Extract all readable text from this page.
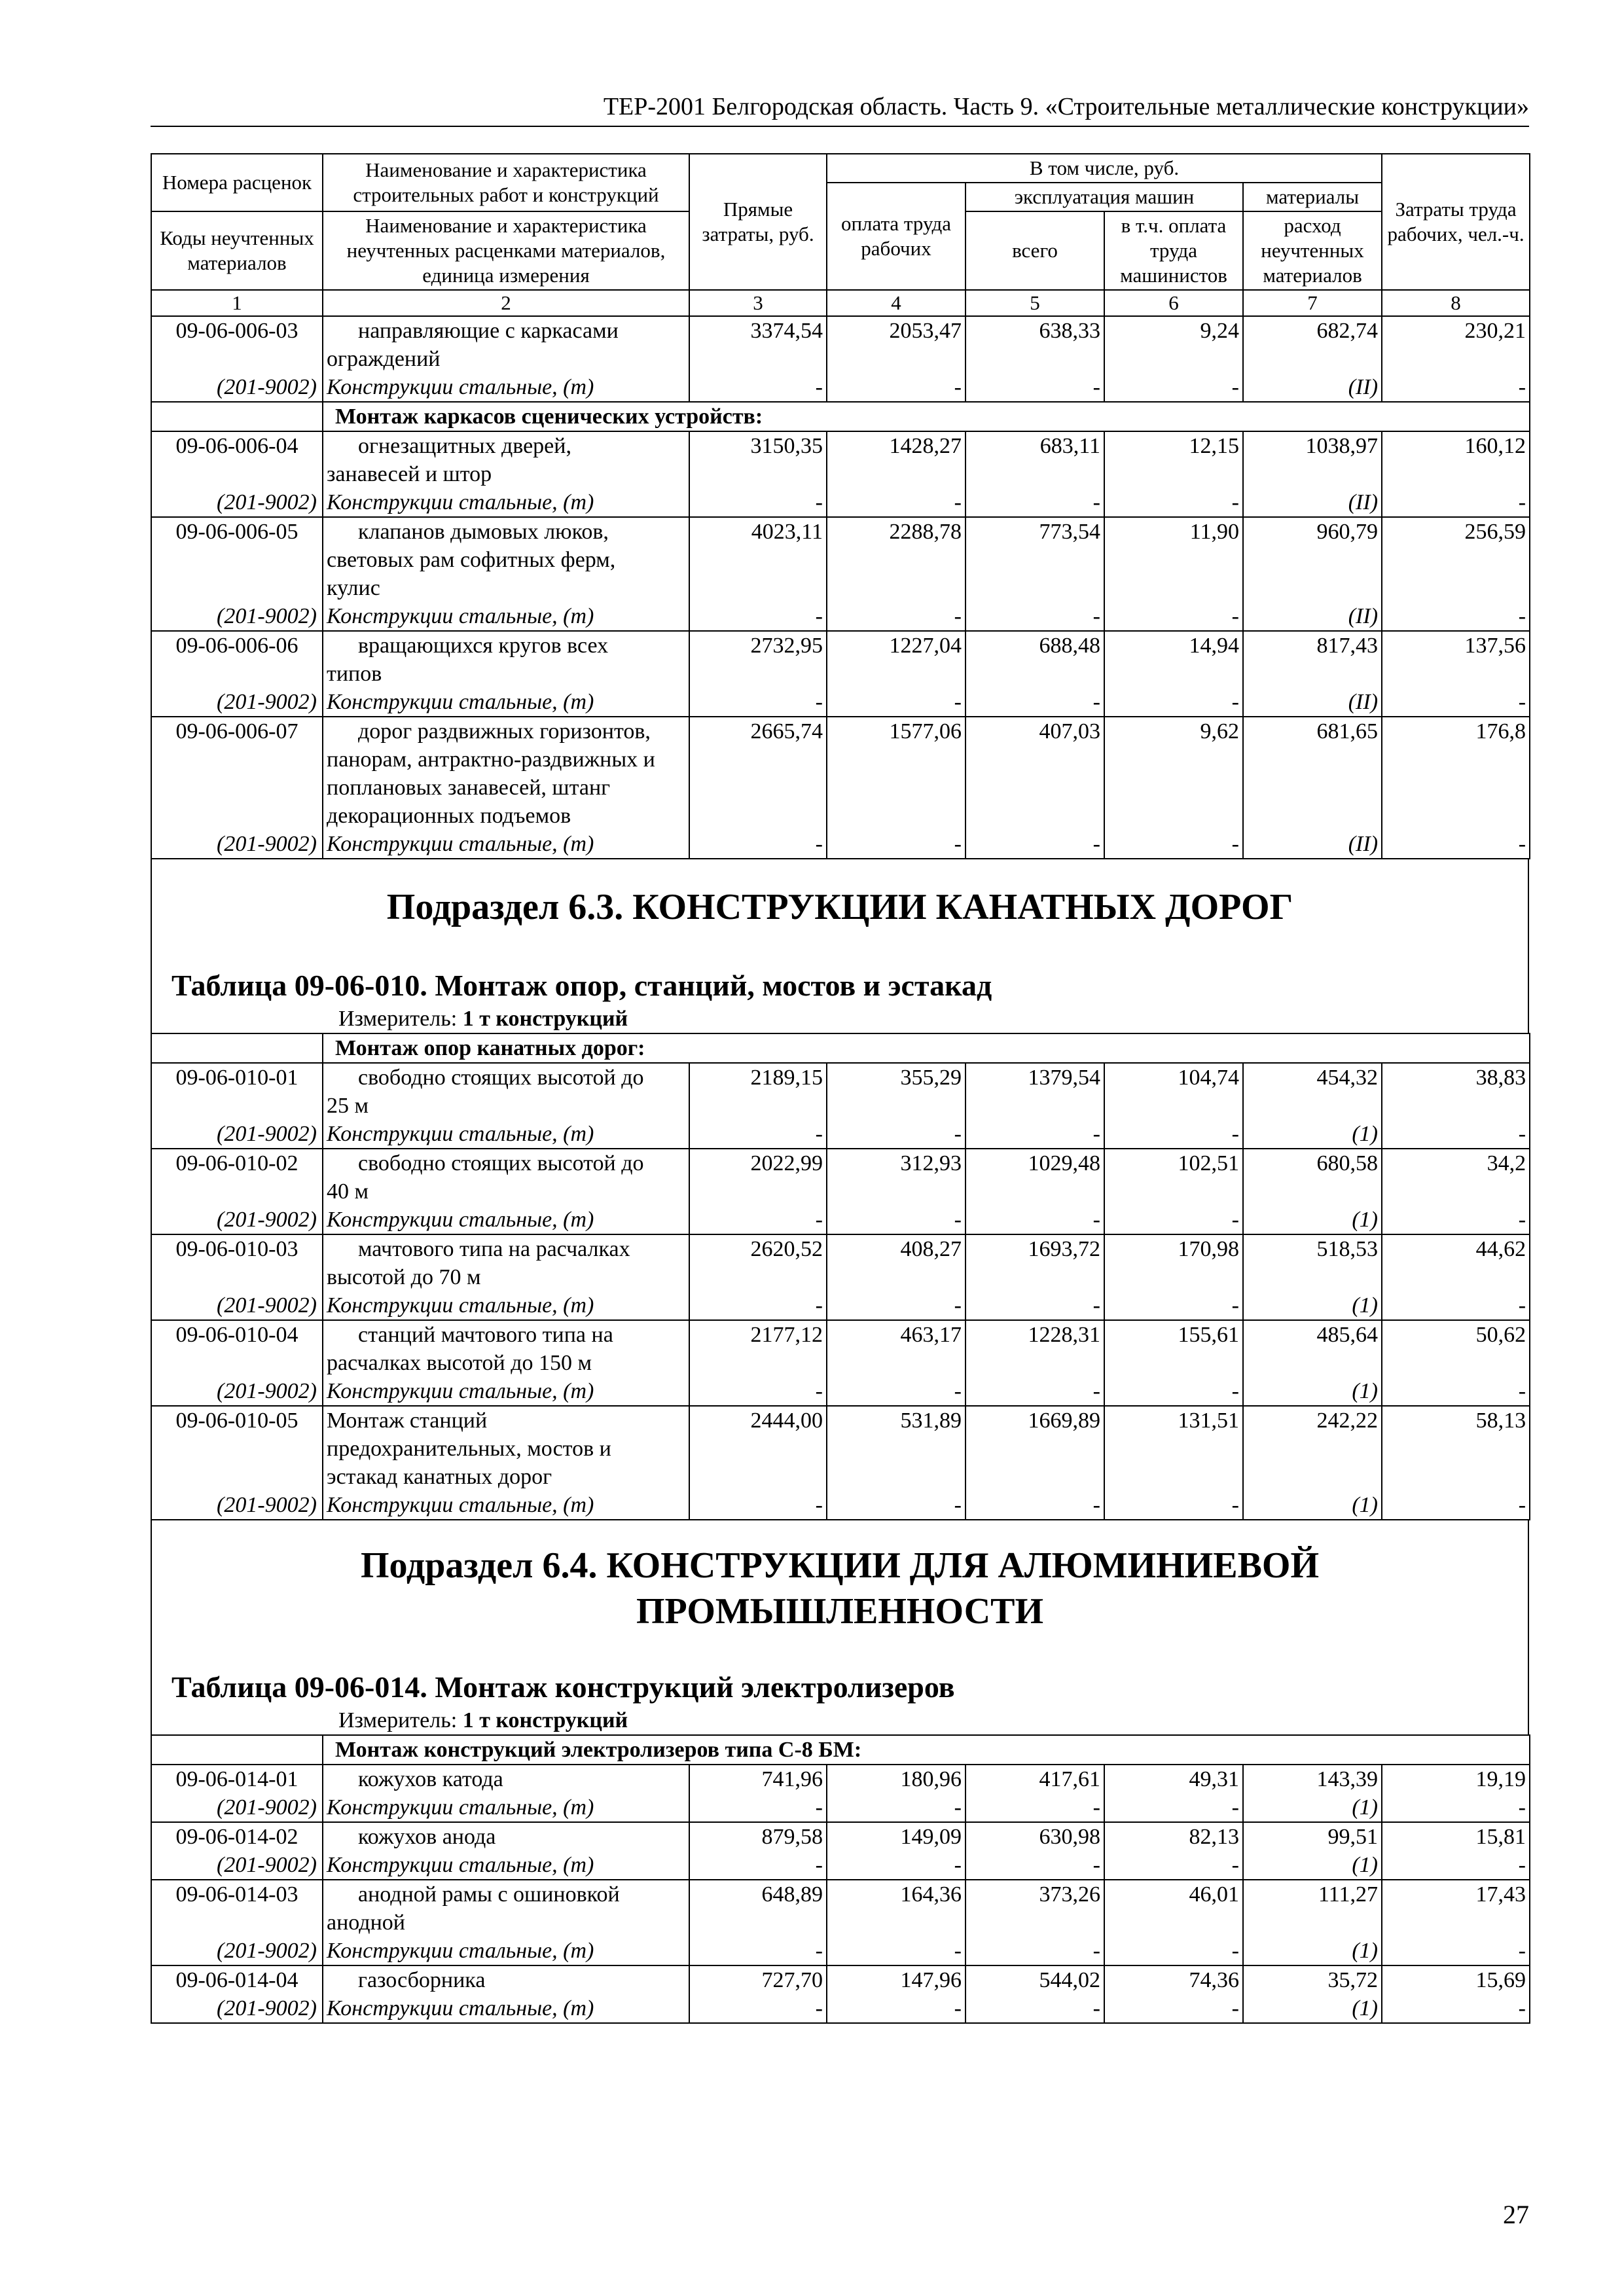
ТЕР-2001 Белгородская область. Часть 9. «Строительные металлические конструкции»
Номера расценок	Наименование и характеристика строительных работ и конструкций	Прямые затраты, руб.	В том числе, руб.				Затраты труда рабочих, чел.-ч.
			оплата труда рабочих	эксплуатация машин		материалы	
Коды неучтенных материалов	Наименование и характеристика неучтенных расценками материалов, единица измерения			всего	в т.ч. оплата труда машинистов	расход неучтенных материалов	

1	2	3	4	5	6	7	8
09-06-006-03	направляющие с каркасами	3374,54	2053,47	638,33	9,24	682,74	230,21
	ограждений						
(201-9002)	Конструкции стальные, (т)	-	-	-	-	(II)	-
	Монтаж каркасов сценических устройств:						
09-06-006-04	огнезащитных дверей,	3150,35	1428,27	683,11	12,15	1038,97	160,12
	занавесей и штор						
(201-9002)	Конструкции стальные, (т)	-	-	-	-	(II)	-
09-06-006-05	клапанов дымовых люков,	4023,11	2288,78	773,54	11,90	960,79	256,59
	световых рам софитных ферм,						
	кулис						
(201-9002)	Конструкции стальные, (т)	-	-	-	-	(II)	-
09-06-006-06	вращающихся кругов всех	2732,95	1227,04	688,48	14,94	817,43	137,56
	типов						
(201-9002)	Конструкции стальные, (т)	-	-	-	-	(II)	-
09-06-006-07	дорог раздвижных горизонтов,	2665,74	1577,06	407,03	9,62	681,65	176,8
	панорам, антрактно-раздвижных и						
	поплановых занавесей, штанг						
	декорационных подъемов						
(201-9002)	Конструкции стальные, (т)	-	-	-	-	(II)	-
Подраздел 6.3. КОНСТРУКЦИИ КАНАТНЫХ ДОРОГ
Таблица 09-06-010. Монтаж опор, станций, мостов и эстакад
Измеритель: 1 т конструкций
	Монтаж опор канатных дорог:						
09-06-010-01	свободно стоящих высотой до	2189,15	355,29	1379,54	104,74	454,32	38,83
	25 м						
(201-9002)	Конструкции стальные, (т)	-	-	-	-	(1)	-
09-06-010-02	свободно стоящих высотой до	2022,99	312,93	1029,48	102,51	680,58	34,2
	40 м						
(201-9002)	Конструкции стальные, (т)	-	-	-	-	(1)	-
09-06-010-03	мачтового типа на расчалках	2620,52	408,27	1693,72	170,98	518,53	44,62
	высотой до 70 м						
(201-9002)	Конструкции стальные, (т)	-	-	-	-	(1)	-
09-06-010-04	станций мачтового типа на	2177,12	463,17	1228,31	155,61	485,64	50,62
	расчалках высотой до 150 м						
(201-9002)	Конструкции стальные, (т)	-	-	-	-	(1)	-
09-06-010-05	Монтаж станций	2444,00	531,89	1669,89	131,51	242,22	58,13
	предохранительных, мостов и						
	эстакад канатных дорог						
(201-9002)	Конструкции стальные, (т)	-	-	-	-	(1)	-
Подраздел 6.4. КОНСТРУКЦИИ ДЛЯ АЛЮМИНИЕВОЙ
ПРОМЫШЛЕННОСТИ
Таблица 09-06-014. Монтаж конструкций электролизеров
Измеритель: 1 т конструкций
	Монтаж конструкций электролизеров типа С-8 БМ:						
09-06-014-01	кожухов катода	741,96	180,96	417,61	49,31	143,39	19,19
(201-9002)	Конструкции стальные, (т)	-	-	-	-	(1)	-
09-06-014-02	кожухов анода	879,58	149,09	630,98	82,13	99,51	15,81
(201-9002)	Конструкции стальные, (т)	-	-	-	-	(1)	-
09-06-014-03	анодной рамы с ошиновкой	648,89	164,36	373,26	46,01	111,27	17,43
	анодной						
(201-9002)	Конструкции стальные, (т)	-	-	-	-	(1)	-
09-06-014-04	газосборника	727,70	147,96	544,02	74,36	35,72	15,69
(201-9002)	Конструкции стальные, (т)	-	-	-	-	(1)	-
27
